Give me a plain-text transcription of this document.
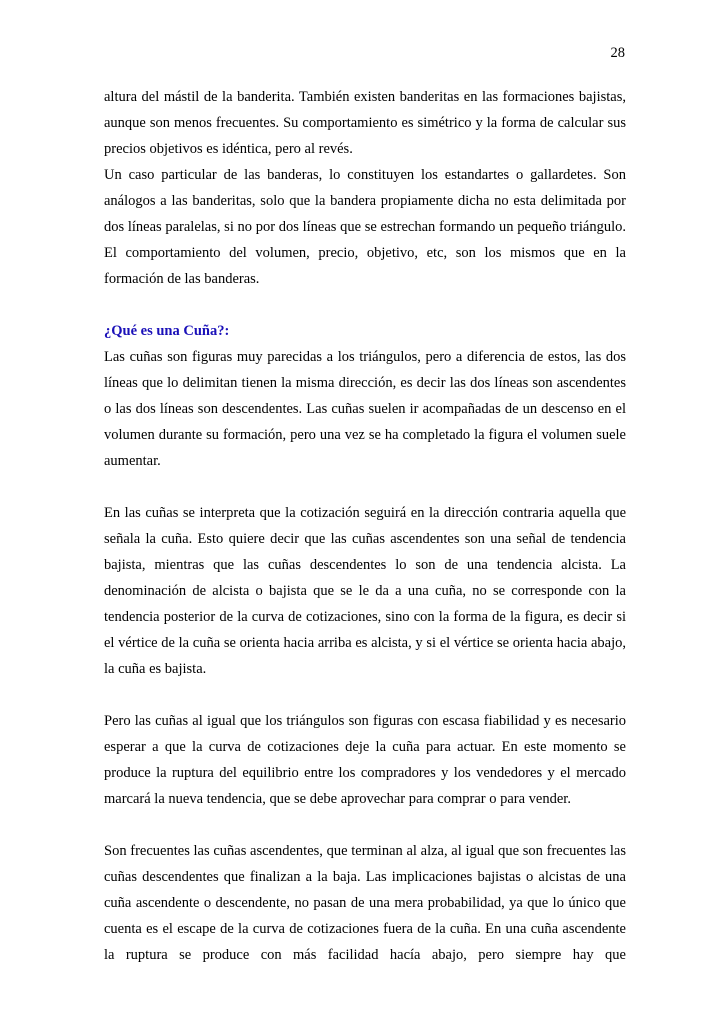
28

altura del mástil de la banderita. También existen banderitas en las formaciones bajistas, aunque son menos frecuentes. Su comportamiento es simétrico y la forma de calcular sus precios objetivos es idéntica, pero al revés.

Un caso particular de las banderas, lo constituyen los estandartes o gallardetes. Son análogos a las banderitas, solo que la bandera propiamente dicha no esta delimitada por dos líneas paralelas, si no por dos líneas que se estrechan formando un pequeño triángulo. El comportamiento del volumen, precio, objetivo, etc, son los mismos que en la formación de las banderas.

¿Qué es una Cuña?:

Las cuñas son figuras muy parecidas a los triángulos, pero a diferencia de estos, las dos líneas que lo delimitan tienen la misma dirección, es decir las dos líneas son ascendentes o las dos líneas son descendentes. Las cuñas suelen ir acompañadas de un descenso en el volumen durante su formación, pero una vez se ha completado la figura el volumen suele aumentar.

En las cuñas se interpreta que la cotización seguirá en la dirección contraria aquella que señala la cuña. Esto quiere decir que las cuñas ascendentes son una señal de tendencia bajista, mientras que las cuñas descendentes lo son de una tendencia alcista. La denominación de alcista o bajista que se le da a una cuña, no se corresponde con la tendencia posterior de la curva de cotizaciones, sino con la forma de la figura, es decir si el vértice de la cuña se orienta hacia arriba es alcista, y si el vértice se orienta hacia abajo, la cuña es bajista.

Pero las cuñas al igual que los triángulos son figuras con escasa fiabilidad y es necesario esperar a que la curva de cotizaciones deje la cuña para actuar. En este momento se produce la ruptura del equilibrio entre los compradores y los vendedores y el mercado marcará la nueva tendencia, que se debe aprovechar para comprar o para vender.

Son frecuentes las cuñas ascendentes, que terminan al alza, al igual que son frecuentes las cuñas descendentes que finalizan a la baja. Las implicaciones bajistas o alcistas de una cuña ascendente o descendente, no pasan de una mera probabilidad, ya que lo único que cuenta es el escape de la curva de cotizaciones fuera de la cuña. En una cuña ascendente la ruptura se produce con más facilidad hacía abajo, pero siempre hay que
